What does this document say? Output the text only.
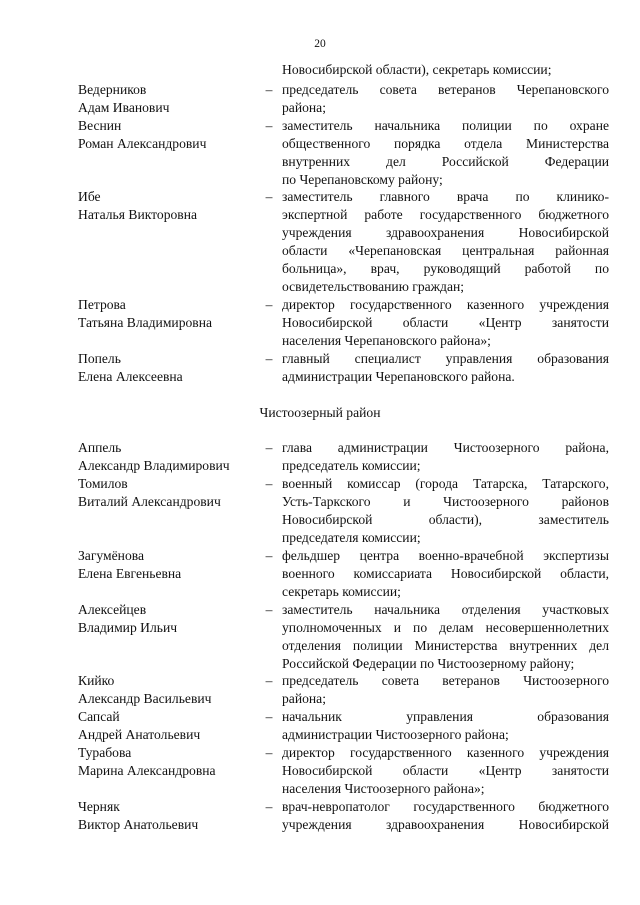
20
Чистоозерный район
Новосибирской области), секретарь комиссии;
Ведерников	– председатель совета ветеранов Черепановского
Адам Иванович	района;
Веснин	– заместитель начальника полиции по охране
Роман Александрович	общественного порядка отдела Министерства
внутренних дел Российской Федерации
по Черепановскому району;
Ибе	– заместитель главного врача по клинико-
Наталья Викторовна	экспертной работе государственного бюджетного
учреждения здравоохранения Новосибирской
области «Черепановская центральная районная
больница», врач, руководящий работой по
освидетельствованию граждан;
Петрова	– директор государственного казенного учреждения
Татьяна Владимировна	Новосибирской области «Центр занятости
населения Черепановского района»;
Попель	– главный специалист управления образования
Елена Алексеевна	администрации Черепановского района.
Аппель	– глава администрации Чистоозерного района,
Александр Владимирович	председатель комиссии;
Томилов	– военный комиссар (города Татарска, Татарского,
Виталий Александрович	Усть-Таркского и Чистоозерного районов
Новосибирской области), заместитель
председателя комиссии;
Загумёнова	– фельдшер центра военно-врачебной экспертизы
Елена Евгеньевна	военного комиссариата Новосибирской области,
секретарь комиссии;
Алексейцев	– заместитель начальника отделения участковых
Владимир Ильич	уполномоченных и по делам несовершеннолетних
отделения полиции Министерства внутренних дел
Российской Федерации по Чистоозерному району;
Кийко	– председатель совета ветеранов Чистоозерного
Александр Васильевич	района;
Сапсай	– начальник управления образования
Андрей Анатольевич	администрации Чистоозерного района;
Турабова	– директор государственного казенного учреждения
Марина Александровна	Новосибирской области «Центр занятости
населения Чистоозерного района»;
Черняк	– врач-невропатолог государственного бюджетного
Виктор Анатольевич	учреждения здравоохранения Новосибирской
